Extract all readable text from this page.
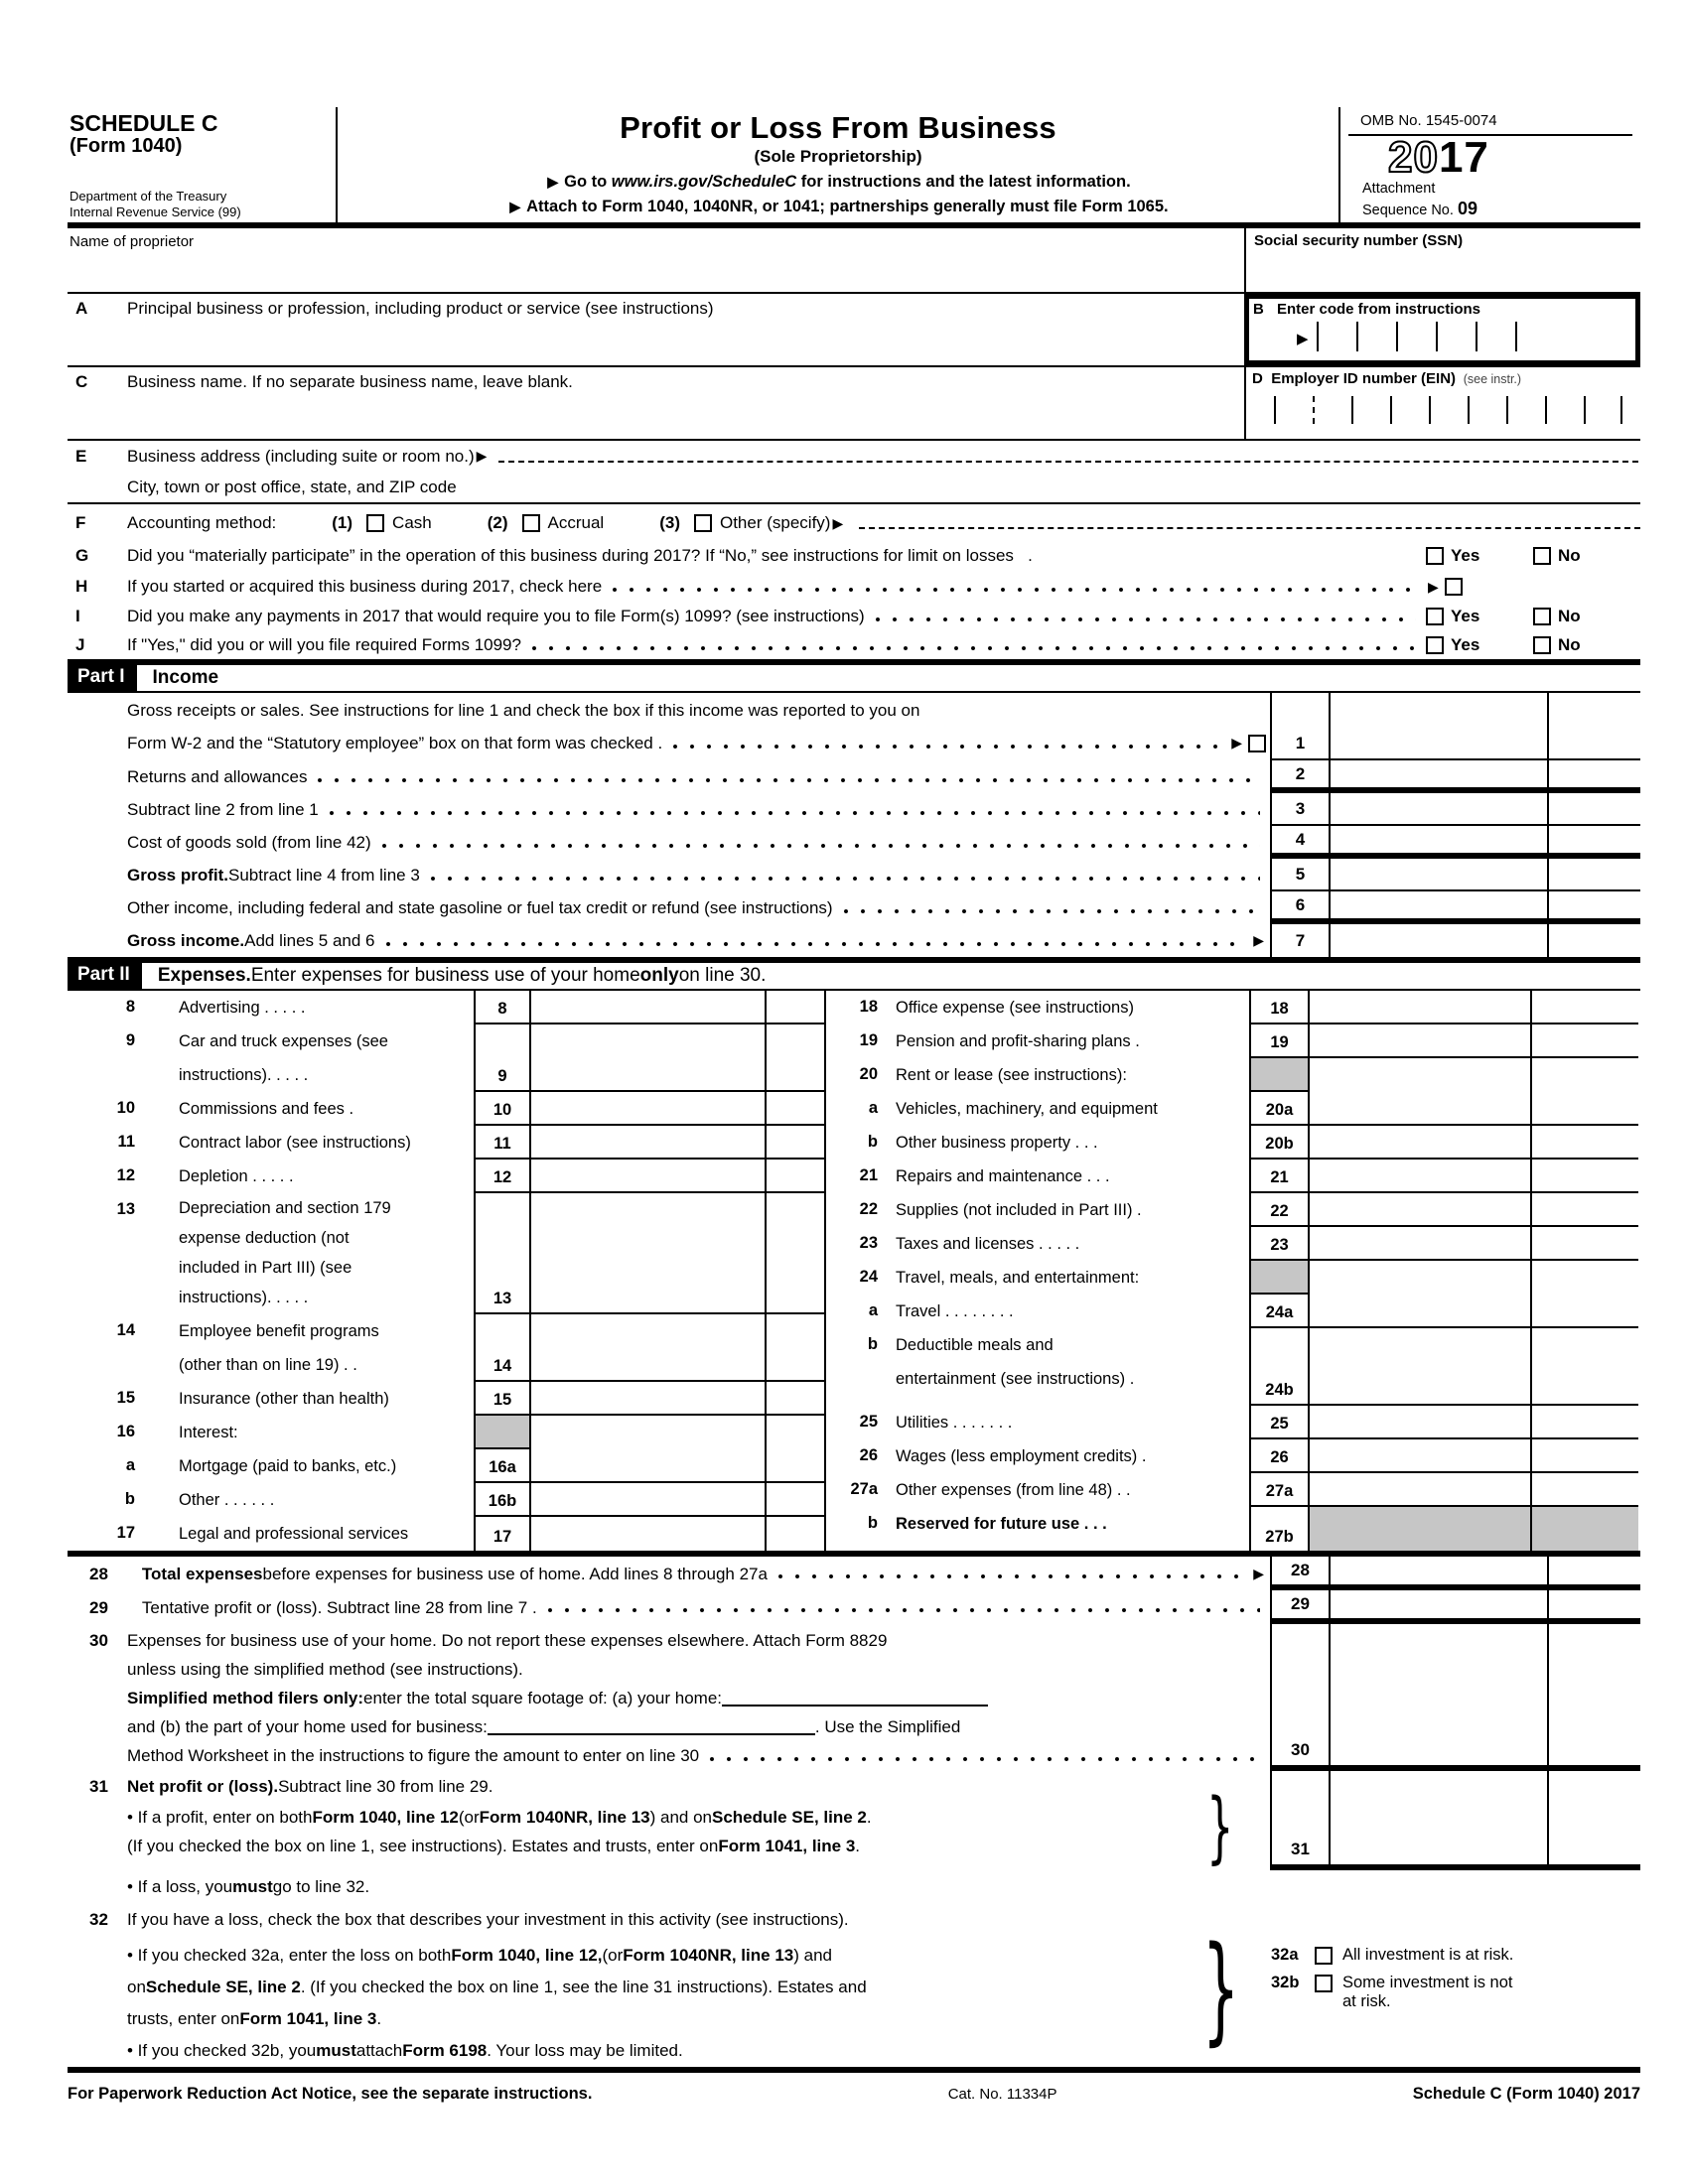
SCHEDULE C
(Form 1040)
Department of the Treasury
Internal Revenue Service (99)
Profit or Loss From Business
(Sole Proprietorship)
▶ Go to www.irs.gov/ScheduleC for instructions and the latest information.
▶ Attach to Form 1040, 1040NR, or 1041; partnerships generally must file Form 1065.
OMB No. 1545-0074
2017
Attachment
Sequence No. 09
Name of proprietor	Social security number (SSN)
A	Principal business or profession, including product or service (see instructions)	B Enter code from instructions
▶
C	Business name. If no separate business name, leave blank.	D Employer ID number (EIN) (see instr.)
E	Business address (including suite or room no.) ▶
City, town or post office, state, and ZIP code
F	Accounting method:	(1) Cash	(2) Accrual	(3) Other (specify) ▶
G	Did you “materially participate” in the operation of this business during 2017? If “No,” see instructions for limit on losses .	Yes	No
H	If you started or acquired this business during 2017, check here	▶
I	Did you make any payments in 2017 that would require you to file Form(s) 1099? (see instructions)	Yes	No
J	If "Yes," did you or will you file required Forms 1099?	Yes	No
Part I	Income
Gross receipts or sales. See instructions for line 1 and check the box if this income was reported to you on
Form W-2 and the “Statutory employee” box on that form was checked .	▶	1
Returns and allowances	2
Subtract line 2 from line 1	3
Cost of goods sold (from line 42)	4
Gross profit. Subtract line 4 from line 3	5
Other income, including federal and state gasoline or fuel tax credit or refund (see instructions)	6
Gross income. Add lines 5 and 6	▶	7
Part II	Expenses. Enter expenses for business use of your home only on line 30.
8	Advertising . . . . .	8
9	Car and truck expenses (see
instructions). . . . .	9
10	Commissions and fees .	10
11	Contract labor (see instructions)	11
12	Depletion . . . . .	12
13	Depreciation and section 179
expense deduction (not
included in Part III) (see
instructions). . . . .	13
14	Employee benefit programs
(other than on line 19) . .	14
15	Insurance (other than health)	15
16	Interest:
a	Mortgage (paid to banks, etc.)	16a
b	Other . . . . . .	16b
17	Legal and professional services	17
18 Office expense (see instructions)	18
19 Pension and profit-sharing plans .	19
20 Rent or lease (see instructions):
a Vehicles, machinery, and equipment	20a
b Other business property . . .	20b
21 Repairs and maintenance . . .	21
22 Supplies (not included in Part III) .	22
23 Taxes and licenses . . . . .	23
24 Travel, meals, and entertainment:
a Travel . . . . . . . .	24a
b Deductible meals and
entertainment (see instructions) .
24b
25 Utilities . . . . . . .	25
26 Wages (less employment credits) .	26
27a Other expenses (from line 48) . .	27a
b Reserved for future use . . .
27b
28 Total expenses before expenses for business use of home. Add lines 8 through 27a	▶	28
29 Tentative profit or (loss). Subtract line 28 from line 7 .	29
30 Expenses for business use of your home. Do not report these expenses elsewhere. Attach Form 8829
unless using the simplified method (see instructions).
Simplified method filers only: enter the total square footage of: (a) your home:
and (b) the part of your home used for business:	. Use the Simplified
Method Worksheet in the instructions to figure the amount to enter on line 30	30
31 Net profit or (loss). Subtract line 30 from line 29.
• If a profit, enter on both Form 1040, line 12 (or Form 1040NR, line 13 ) and on Schedule SE, line 2 .
(If you checked the box on line 1, see instructions). Estates and trusts, enter on Form 1041, line 3 .	31
}
• If a loss, you must go to line 32.
32 If you have a loss, check the box that describes your investment in this activity (see instructions).
• If you checked 32a, enter the loss on both Form 1040, line 12, (or Form 1040NR, line 13 ) and
on Schedule SE, line 2 . (If you checked the box on line 1, see the line 31 instructions). Estates and
trusts, enter on Form 1041, line 3 .
• If you checked 32b, you must attach Form 6198 . Your loss may be limited.	} 32a	All investment is at risk.
32b	Some investment is not
at risk.
For Paperwork Reduction Act Notice, see the separate instructions.	Cat. No. 11334P	Schedule C (Form 1040) 2017
